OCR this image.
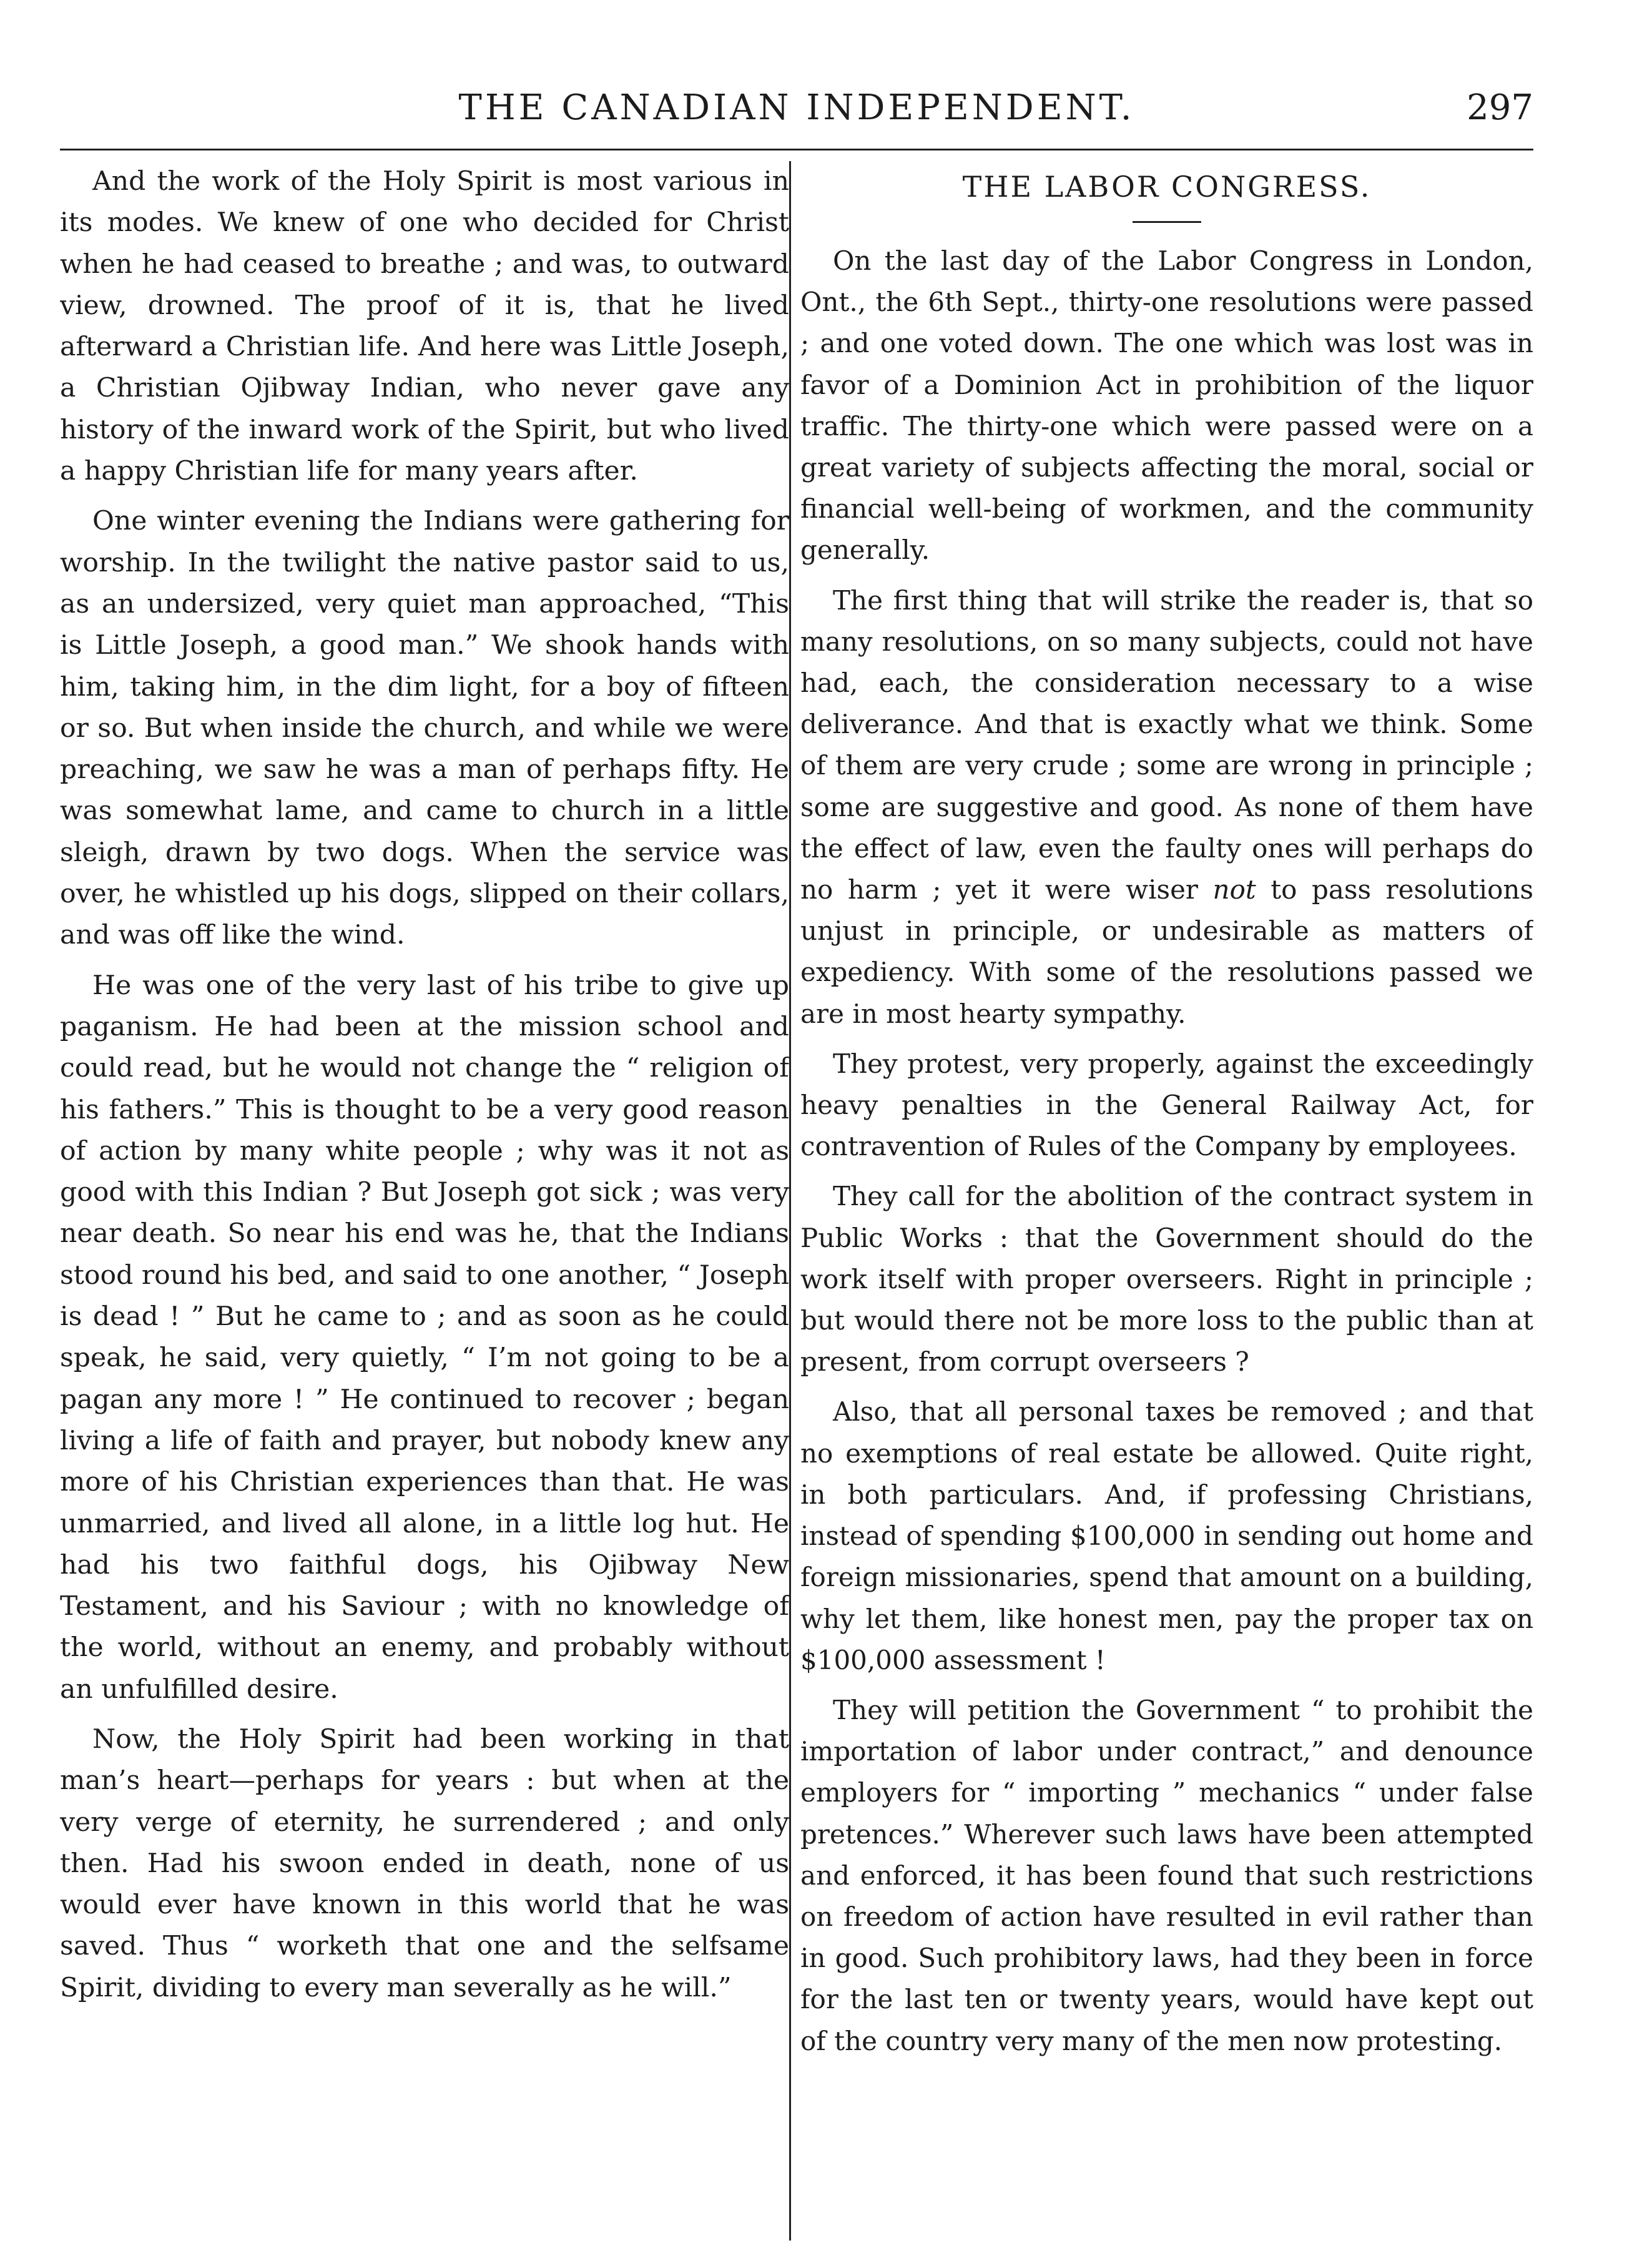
THE CANADIAN INDEPENDENT.	297

And the work of the Holy Spirit is most various in its modes. We knew of one who decided for Christ when he had ceased to breathe ; and was, to outward view, drowned. The proof of it is, that he lived afterward a Christian life. And here was Little Joseph, a Christian Ojibway Indian, who never gave any history of the inward work of the Spirit, but who lived a happy Christian life for many years after.

One winter evening the Indians were gathering for worship. In the twilight the native pastor said to us, as an undersized, very quiet man approached, “This is Little Joseph, a good man.” We shook hands with him, taking him, in the dim light, for a boy of fifteen or so. But when inside the church, and while we were preaching, we saw he was a man of perhaps fifty. He was somewhat lame, and came to church in a little sleigh, drawn by two dogs. When the service was over, he whistled up his dogs, slipped on their collars, and was off like the wind.

He was one of the very last of his tribe to give up paganism. He had been at the mission school and could read, but he would not change the “ religion of his fathers.” This is thought to be a very good reason of action by many white people ; why was it not as good with this Indian ? But Joseph got sick ; was very near death. So near his end was he, that the Indians stood round his bed, and said to one another, “ Joseph is dead ! ” But he came to ; and as soon as he could speak, he said, very quietly, “ I’m not going to be a pagan any more ! ” He continued to recover ; began living a life of faith and prayer, but nobody knew any more of his Christian experiences than that. He was unmarried, and lived all alone, in a little log hut. He had his two faithful dogs, his Ojibway New Testament, and his Saviour ; with no knowledge of the world, without an enemy, and probably without an unfulfilled desire.

Now, the Holy Spirit had been working in that man’s heart—perhaps for years : but when at the very verge of eternity, he surrendered ; and only then. Had his swoon ended in death, none of us would ever have known in this world that he was saved. Thus “ worketh that one and the selfsame Spirit, dividing to every man severally as he will.”

THE LABOR CONGRESS.

On the last day of the Labor Congress in London, Ont., the 6th Sept., thirty-one resolutions were passed ; and one voted down. The one which was lost was in favor of a Dominion Act in prohibition of the liquor traffic. The thirty-one which were passed were on a great variety of subjects affecting the moral, social or financial well-being of workmen, and the community generally.

The first thing that will strike the reader is, that so many resolutions, on so many subjects, could not have had, each, the consideration necessary to a wise deliverance. And that is exactly what we think. Some of them are very crude ; some are wrong in principle ; some are suggestive and good. As none of them have the effect of law, even the faulty ones will perhaps do no harm ; yet it were wiser not to pass resolutions unjust in principle, or undesirable as matters of expediency. With some of the resolutions passed we are in most hearty sympathy.

They protest, very properly, against the exceedingly heavy penalties in the General Railway Act, for contravention of Rules of the Company by employees.

They call for the abolition of the contract system in Public Works : that the Government should do the work itself with proper overseers. Right in principle ; but would there not be more loss to the public than at present, from corrupt overseers ?

Also, that all personal taxes be removed ; and that no exemptions of real estate be allowed. Quite right, in both particulars. And, if professing Christians, instead of spending $100,000 in sending out home and foreign missionaries, spend that amount on a building, why let them, like honest men, pay the proper tax on $100,000 assessment !

They will petition the Government “ to prohibit the importation of labor under contract,” and denounce employers for “ importing ” mechanics “ under false pretences.” Wherever such laws have been attempted and enforced, it has been found that such restrictions on freedom of action have resulted in evil rather than in good. Such prohibitory laws, had they been in force for the last ten or twenty years, would have kept out of the country very many of the men now protesting.
